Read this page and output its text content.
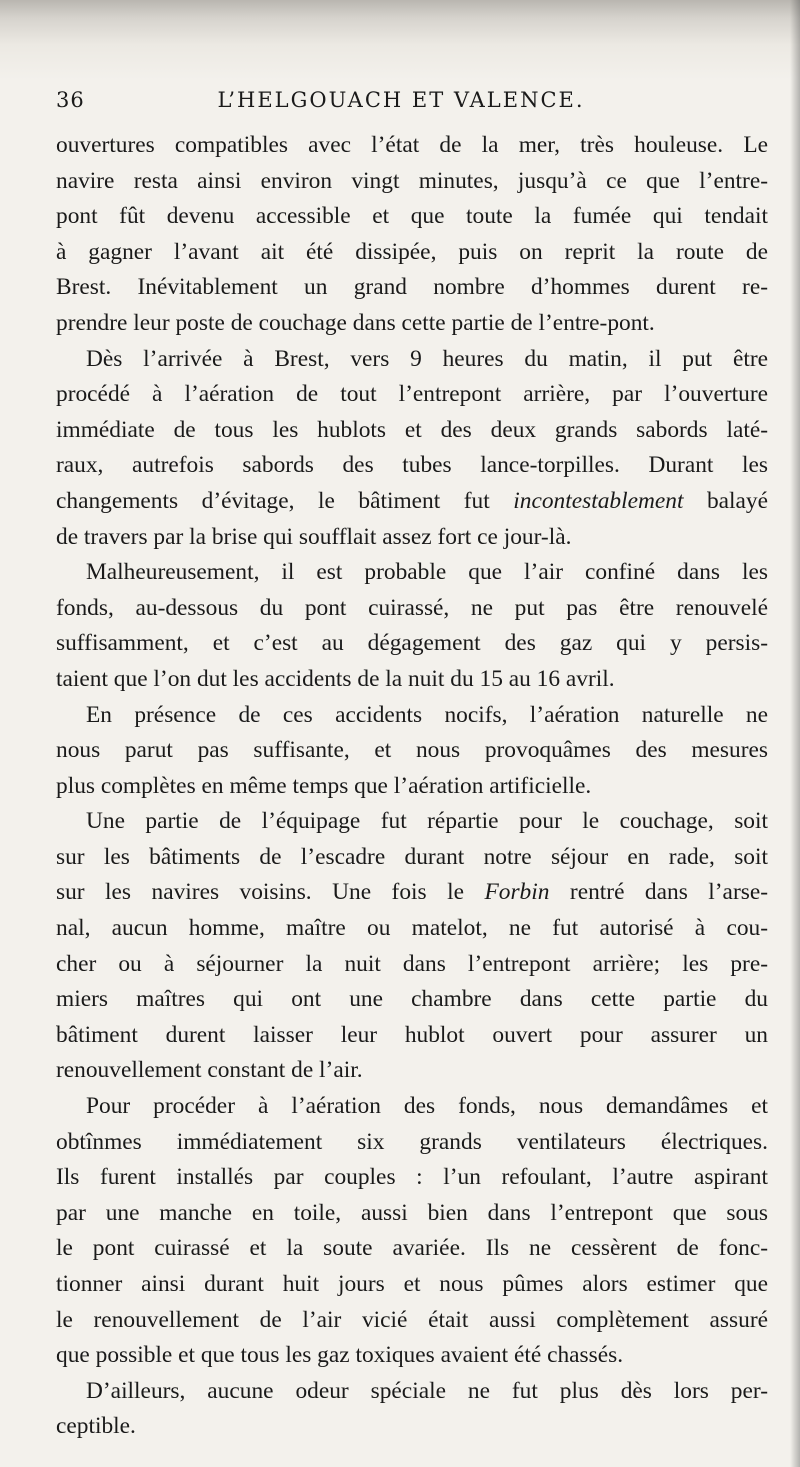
36	L’HELGOUACH ET VALENCE.
ouvertures compatibles avec l’état de la mer, très houleuse. Le
navire resta ainsi environ vingt minutes, jusqu’à ce que l’entre-
pont fût devenu accessible et que toute la fumée qui tendait
à gagner l’avant ait été dissipée, puis on reprit la route de
Brest. Inévitablement un grand nombre d’hommes durent re-
prendre leur poste de couchage dans cette partie de l’entre-pont.
Dès l’arrivée à Brest, vers 9 heures du matin, il put être
procédé à l’aération de tout l’entrepont arrière, par l’ouverture
immédiate de tous les hublots et des deux grands sabords laté-
raux, autrefois sabords des tubes lance-torpilles. Durant les
changements d’évitage, le bâtiment fut incontestablement balayé
de travers par la brise qui soufflait assez fort ce jour-là.
Malheureusement, il est probable que l’air confiné dans les
fonds, au-dessous du pont cuirassé, ne put pas être renouvelé
suffisamment, et c’est au dégagement des gaz qui y persis-
taient que l’on dut les accidents de la nuit du 15 au 16 avril.
En présence de ces accidents nocifs, l’aération naturelle ne
nous parut pas suffisante, et nous provoquâmes des mesures
plus complètes en même temps que l’aération artificielle.
Une partie de l’équipage fut répartie pour le couchage, soit
sur les bâtiments de l’escadre durant notre séjour en rade, soit
sur les navires voisins. Une fois le Forbin rentré dans l’arse-
nal, aucun homme, maître ou matelot, ne fut autorisé à cou-
cher ou à séjourner la nuit dans l’entrepont arrière; les pre-
miers maîtres qui ont une chambre dans cette partie du
bâtiment durent laisser leur hublot ouvert pour assurer un
renouvellement constant de l’air.
Pour procéder à l’aération des fonds, nous demandâmes et
obtînmes immédiatement six grands ventilateurs électriques.
Ils furent installés par couples : l’un refoulant, l’autre aspirant
par une manche en toile, aussi bien dans l’entrepont que sous
le pont cuirassé et la soute avariée. Ils ne cessèrent de fonc-
tionner ainsi durant huit jours et nous pûmes alors estimer que
le renouvellement de l’air vicié était aussi complètement assuré
que possible et que tous les gaz toxiques avaient été chassés.
D’ailleurs, aucune odeur spéciale ne fut plus dès lors per-
ceptible.
